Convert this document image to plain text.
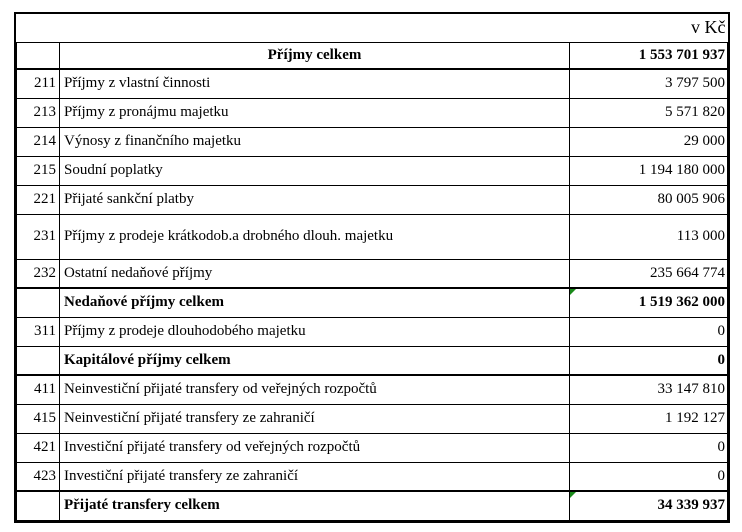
v Kč		
	Příjmy celkem	1 553 701 937
211	Příjmy z vlastní činnosti	3 797 500
213	Příjmy z pronájmu majetku	5 571 820
214	Výnosy z finančního majetku	29 000
215	Soudní poplatky	1 194 180 000
221	Přijaté sankční platby	80 005 906
231	Příjmy z prodeje krátkodob.a drobného dlouh. majetku	113 000
232	Ostatní nedaňové příjmy	235 664 774
	Nedaňové příjmy celkem	1 519 362 000
311	Příjmy z prodeje dlouhodobého majetku	0
	Kapitálové příjmy celkem	0
411	Neinvestiční přijaté transfery od veřejných rozpočtů	33 147 810
415	Neinvestiční přijaté transfery ze zahraničí	1 192 127
421	Investiční přijaté transfery od veřejných rozpočtů	0
423	Investiční přijaté transfery ze zahraničí	0
	Přijaté transfery celkem	34 339 937
